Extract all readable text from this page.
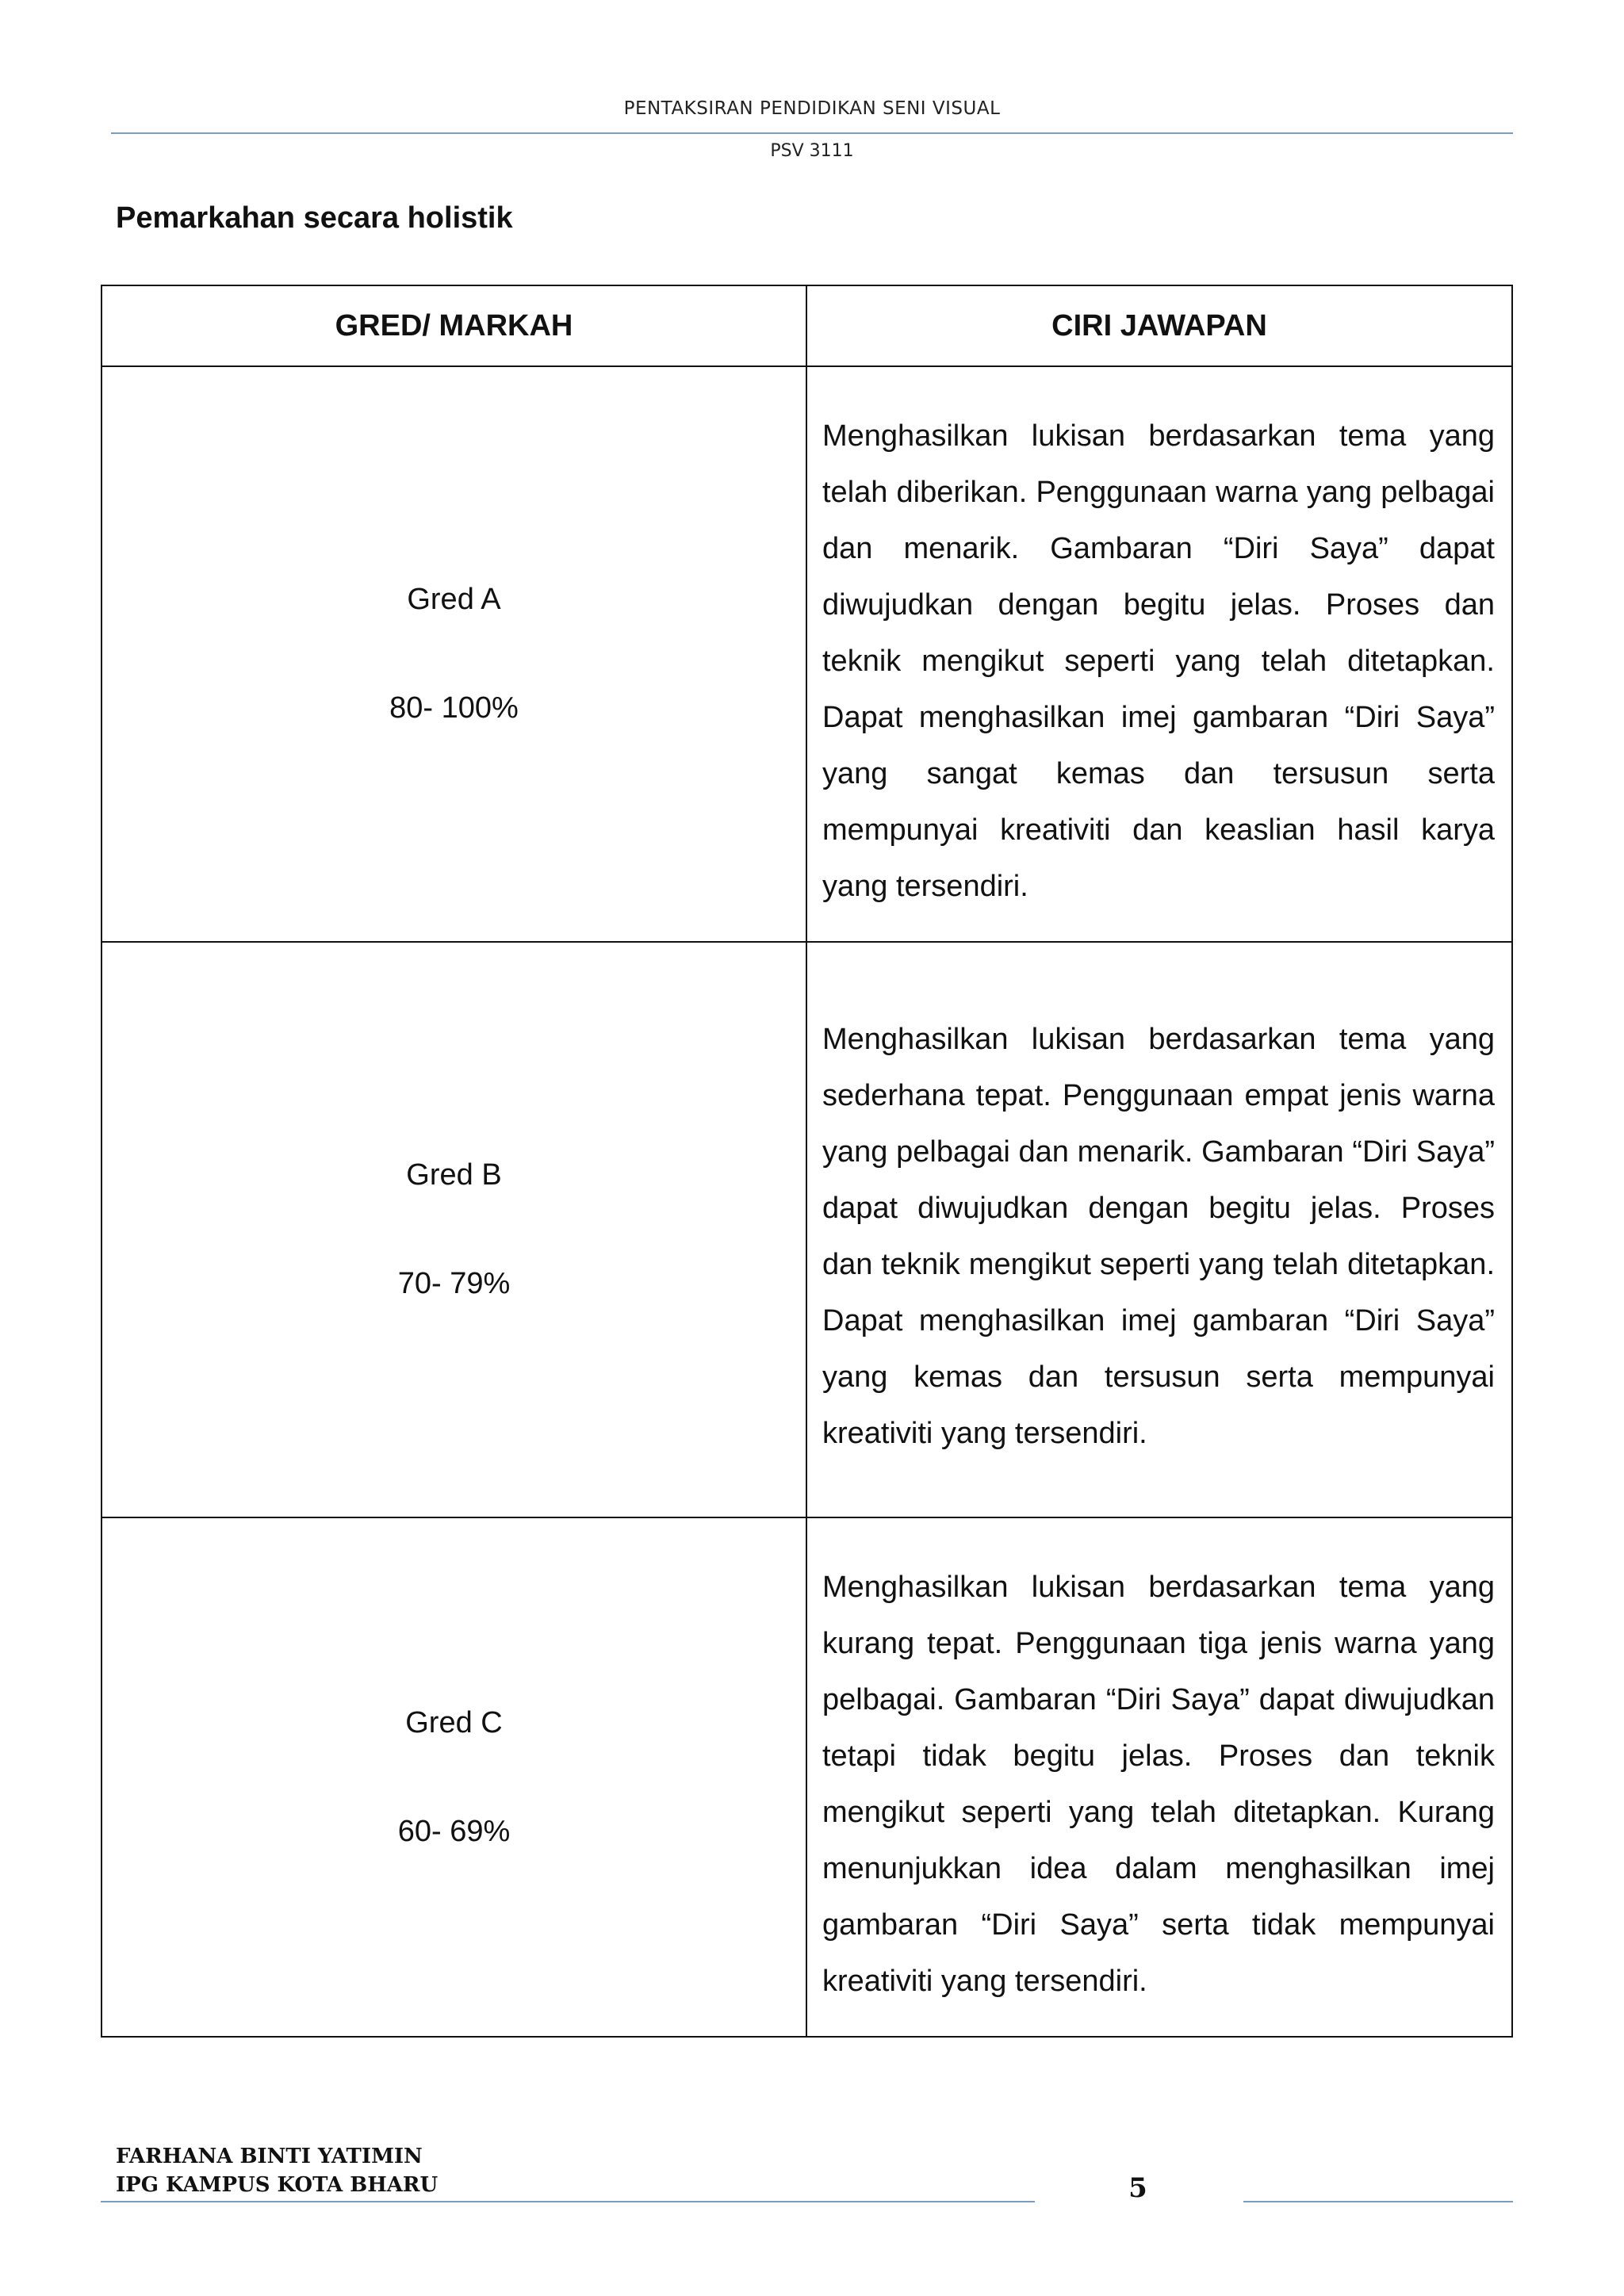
PENTAKSIRAN PENDIDIKAN SENI VISUAL
PSV 3111
Pemarkahan secara holistik
GRED/ MARKAH	CIRI JAWAPAN

Gred A
80- 100%	Menghasilkan lukisan berdasarkan tema yang telah diberikan. Penggunaan warna yang pelbagai dan menarik. Gambaran “Diri Saya” dapat diwujudkan dengan begitu jelas. Proses dan teknik mengikut seperti yang telah ditetapkan. Dapat menghasilkan imej gambaran “Diri Saya” yang sangat kemas dan tersusun serta mempunyai kreativiti dan keaslian hasil karya yang tersendiri.

Gred B
70- 79%	Menghasilkan lukisan berdasarkan tema yang sederhana tepat. Penggunaan empat jenis warna yang pelbagai dan menarik. Gambaran “Diri Saya” dapat diwujudkan dengan begitu jelas. Proses dan teknik mengikut seperti yang telah ditetapkan. Dapat menghasilkan imej gambaran “Diri Saya” yang kemas dan tersusun serta mempunyai kreativiti yang tersendiri.

Gred C
60- 69%	Menghasilkan lukisan berdasarkan tema yang kurang tepat. Penggunaan tiga jenis warna yang pelbagai. Gambaran “Diri Saya” dapat diwujudkan tetapi tidak begitu jelas. Proses dan teknik mengikut seperti yang telah ditetapkan. Kurang menunjukkan idea dalam menghasilkan imej gambaran “Diri Saya” serta tidak mempunyai kreativiti yang tersendiri.
FARHANA BINTI YATIMIN
IPG KAMPUS KOTA BHARU	5
